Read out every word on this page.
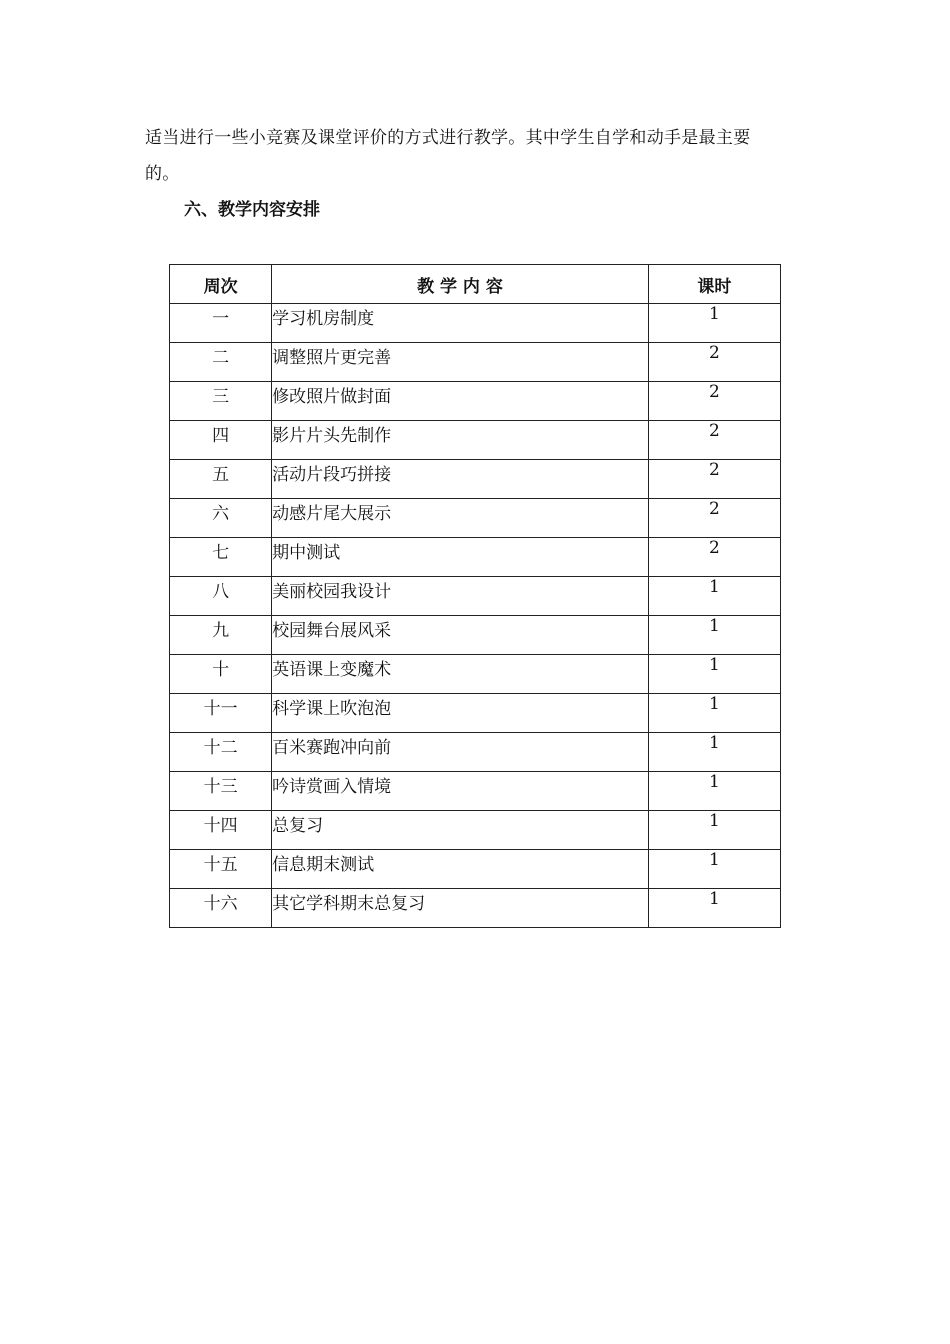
适当进行一些小竞赛及课堂评价的方式进行教学。其中学生自学和动手是最主要
的。
六、教学内容安排
周次	教 学 内 容	课时
一	学习机房制度	1
二	调整照片更完善	2
三	修改照片做封面	2
四	影片片头先制作	2
五	活动片段巧拼接	2
六	动感片尾大展示	2
七	期中测试	2
八	美丽校园我设计	1
九	校园舞台展风采	1
十	英语课上变魔术	1
十一	科学课上吹泡泡	1
十二	百米赛跑冲向前	1
十三	吟诗赏画入情境	1
十四	总复习	1
十五	信息期末测试	1
十六	其它学科期末总复习	1
